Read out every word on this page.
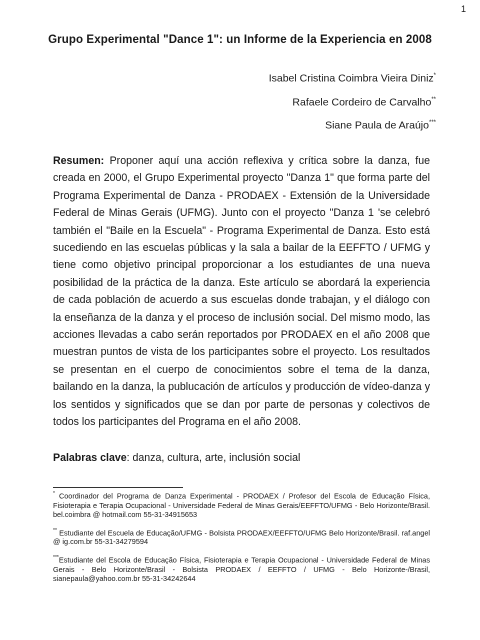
1
Grupo Experimental "Dance 1": un Informe de la Experiencia en 2008
Isabel Cristina Coimbra Vieira Diniz*
Rafaele Cordeiro de Carvalho**
Siane Paula de Araújo***

Resumen: Proponer aquí una acción reflexiva y crítica sobre la danza, fue creada en 2000, el Grupo Experimental proyecto "Danza 1" que forma parte del Programa Experimental de Danza - PRODAEX - Extensión de la Universidade Federal de Minas Gerais (UFMG). Junto con el proyecto "Danza 1 'se celebró también el "Baile en la Escuela" - Programa Experimental de Danza. Esto está sucediendo en las escuelas públicas y la sala a bailar de la EEFFTO / UFMG y tiene como objetivo principal proporcionar a los estudiantes de una nueva posibilidad de la práctica de la danza. Este artículo se abordará la experiencia de cada población de acuerdo a sus escuelas donde trabajan, y el diálogo con la enseñanza de la danza y el proceso de inclusión social. Del mismo modo, las acciones llevadas a cabo serán reportados por PRODAEX en el año 2008 que muestran puntos de vista de los participantes sobre el proyecto. Los resultados se presentan en el cuerpo de conocimientos sobre el tema de la danza, bailando en la danza, la publucación de artículos y producción de vídeo-danza y los sentidos y significados que se dan por parte de personas y colectivos de todos los participantes del Programa en el año 2008.

Palabras clave: danza, cultura, arte, inclusión social

* Coordinador del Programa de Danza Experimental - PRODAEX / Profesor del Escola de Educação Física, Fisioterapia e Terapia Ocupacional - Universidade Federal de Minas Gerais/EEFFTO/UFMG - Belo Horizonte/Brasil. bel.coimbra @ hotmail.com 55-31-34915653

** Estudiante del Escuela de Educação/UFMG - Bolsista PRODAEX/EEFFTO/UFMG Belo Horizonte/Brasil. raf.angel @ ig.com.br 55-31-34279594

***Estudiante del Escola de Educação Física, Fisioterapia e Terapia Ocupacional - Universidade Federal de Minas Gerais - Belo Horizonte/Brasil - Bolsista PRODAEX / EEFFTO / UFMG - Belo Horizonte-/Brasil, sianepaula@yahoo.com.br 55-31-34242644
